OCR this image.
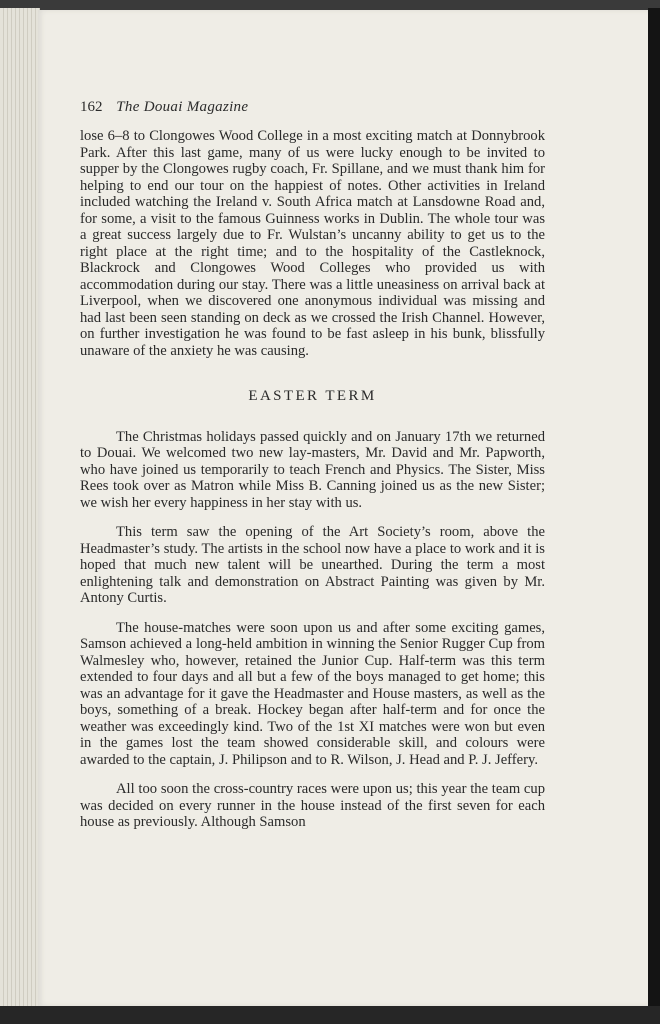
162 The Douai Magazine

lose 6–8 to Clongowes Wood College in a most exciting match at Donnybrook Park. After this last game, many of us were lucky enough to be invited to supper by the Clongowes rugby coach, Fr. Spillane, and we must thank him for helping to end our tour on the happiest of notes. Other activities in Ireland included watching the Ireland v. South Africa match at Lansdowne Road and, for some, a visit to the famous Guinness works in Dublin. The whole tour was a great success largely due to Fr. Wulstan’s uncanny ability to get us to the right place at the right time; and to the hospitality of the Castleknock, Blackrock and Clongowes Wood Colleges who provided us with accommodation during our stay. There was a little uneasiness on arrival back at Liverpool, when we discovered one anonymous individual was missing and had last been seen standing on deck as we crossed the Irish Channel. However, on further investigation he was found to be fast asleep in his bunk, blissfully unaware of the anxiety he was causing.

EASTER TERM

The Christmas holidays passed quickly and on January 17th we returned to Douai. We welcomed two new lay-masters, Mr. David and Mr. Papworth, who have joined us temporarily to teach French and Physics. The Sister, Miss Rees took over as Matron while Miss B. Canning joined us as the new Sister; we wish her every happiness in her stay with us.

This term saw the opening of the Art Society’s room, above the Headmaster’s study. The artists in the school now have a place to work and it is hoped that much new talent will be unearthed. During the term a most enlightening talk and demonstration on Abstract Painting was given by Mr. Antony Curtis.

The house-matches were soon upon us and after some exciting games, Samson achieved a long-held ambition in winning the Senior Rugger Cup from Walmesley who, however, retained the Junior Cup. Half-term was this term extended to four days and all but a few of the boys managed to get home; this was an advantage for it gave the Headmaster and House masters, as well as the boys, something of a break. Hockey began after half-term and for once the weather was exceedingly kind. Two of the 1st XI matches were won but even in the games lost the team showed considerable skill, and colours were awarded to the captain, J. Philipson and to R. Wilson, J. Head and P. J. Jeffery.

All too soon the cross-country races were upon us; this year the team cup was decided on every runner in the house instead of the first seven for each house as previously. Although Samson
